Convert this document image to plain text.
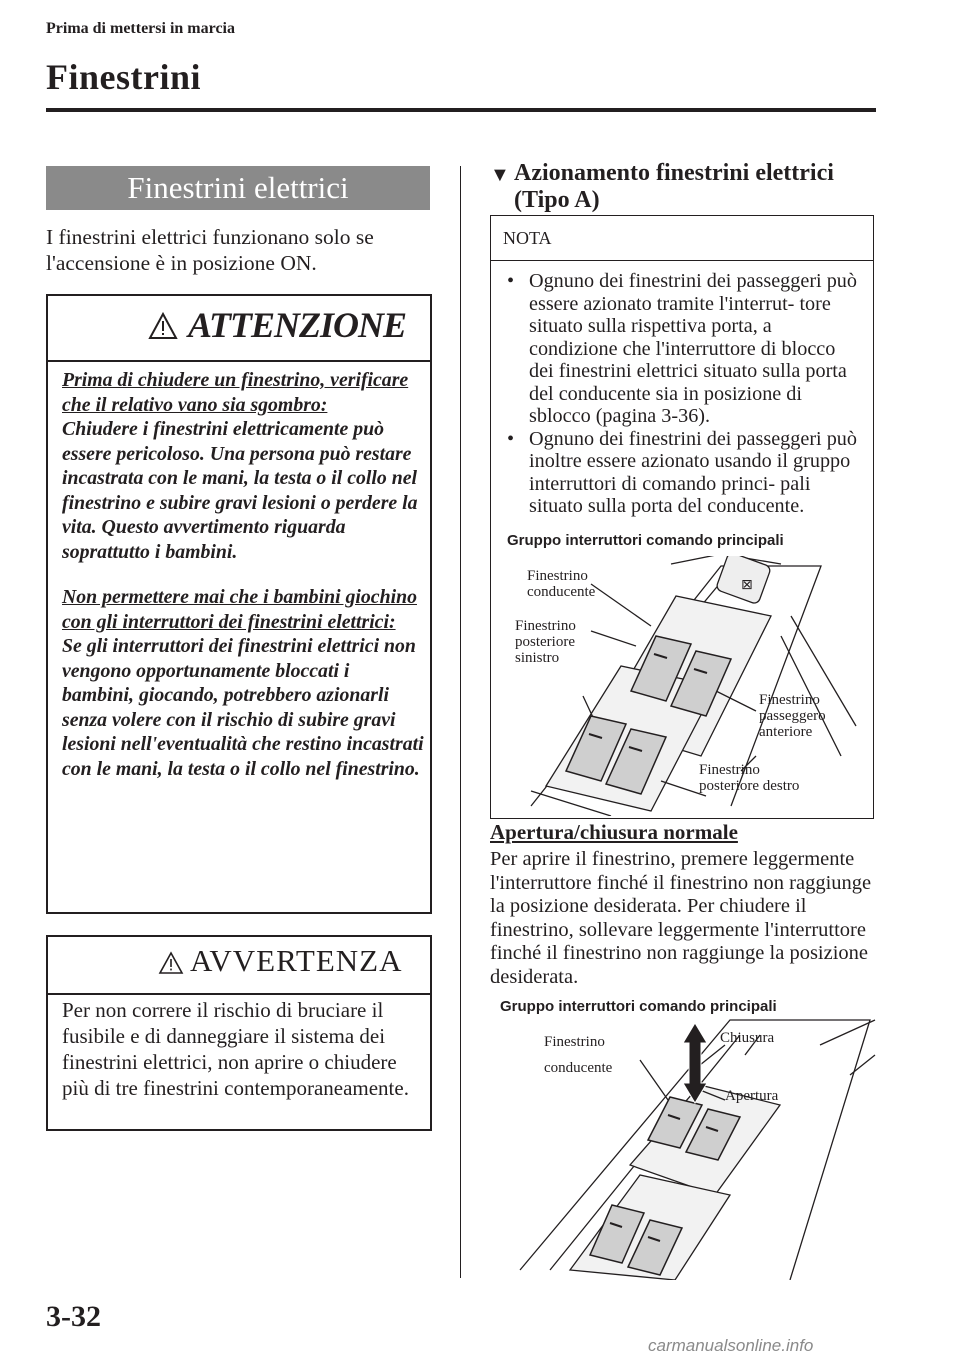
Prima di mettersi in marcia
Finestrini
Finestrini elettrici
I finestrini elettrici funzionano solo se l'accensione è in posizione ON.
ATTENZIONE

Prima di chiudere un finestrino, verificare che il relativo vano sia sgombro:
Chiudere i finestrini elettricamente può essere pericoloso. Una persona può restare incastrata con le mani, la testa o il collo nel finestrino e subire gravi lesioni o perdere la vita. Questo avvertimento riguarda soprattutto i bambini.

Non permettere mai che i bambini giochino con gli interruttori dei finestrini elettrici:
Se gli interruttori dei finestrini elettrici non vengono opportunamente bloccati i bambini, giocando, potrebbero azionarli senza volere con il rischio di subire gravi lesioni nell'eventualità che restino incastrati con le mani, la testa o il collo nel finestrino.

AVVERTENZA
Per non correre il rischio di bruciare il fusibile e di danneggiare il sistema dei finestrini elettrici, non aprire o chiudere più di tre finestrini contemporaneamente.
▼ Azionamento finestrini elettrici
(Tipo A)
NOTA
• Ognuno dei finestrini dei passeggeri può essere azionato tramite l'interrut- tore situato sulla rispettiva porta, a condizione che l'interruttore di blocco dei finestrini elettrici situato sulla porta del conducente sia in posizione di sblocco (pagina 3-36).
• Ognuno dei finestrini dei passeggeri può inoltre essere azionato usando il gruppo interruttori di comando princi- pali situato sulla porta del conducente.
Gruppo interruttori comando principali
⊠
Finestrino
conducente
Finestrino
posteriore
sinistro
Finestrino
passeggero
anteriore
Finestrino
posteriore destro
Apertura/chiusura normale
Per aprire il finestrino, premere leggermente l'interruttore finché il finestrino non raggiunge la posizione desiderata. Per chiudere il finestrino, sollevare leggermente l'interruttore finché il finestrino non raggiunge la posizione desiderata.
Gruppo interruttori comando principali
Finestrino
conducente
Chiusura
Apertura
3-32
carmanualsonline.info
